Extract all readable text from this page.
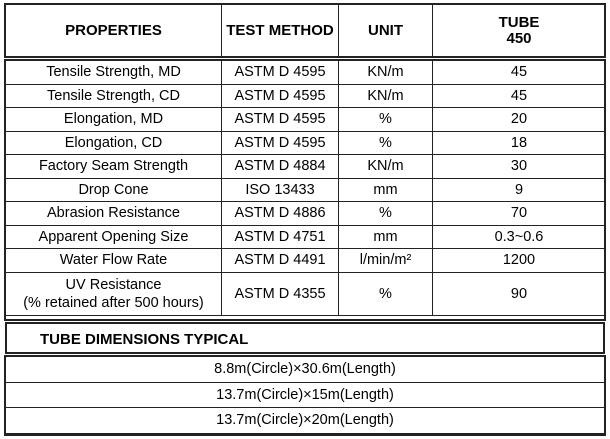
PROPERTIES	TEST METHOD	UNIT	TUBE
450
Tensile Strength, MD	ASTM D 4595	KN/m	45
Tensile Strength, CD	ASTM D 4595	KN/m	45
Elongation, MD	ASTM D 4595	%	20
Elongation, CD	ASTM D 4595	%	18
Factory Seam Strength	ASTM D 4884	KN/m	30
Drop Cone	ISO 13433	mm	9
Abrasion Resistance	ASTM D 4886	%	70
Apparent Opening Size	ASTM D 4751	mm	0.3~0.6
Water Flow Rate	ASTM D 4491	l/min/m²	1200

UV Resistance
(% retained after 500 hours)	ASTM D 4355	%	90
TUBE DIMENSIONS TYPICAL
8.8m(Circle)×30.6m(Length)
13.7m(Circle)×15m(Length)
13.7m(Circle)×20m(Length)
